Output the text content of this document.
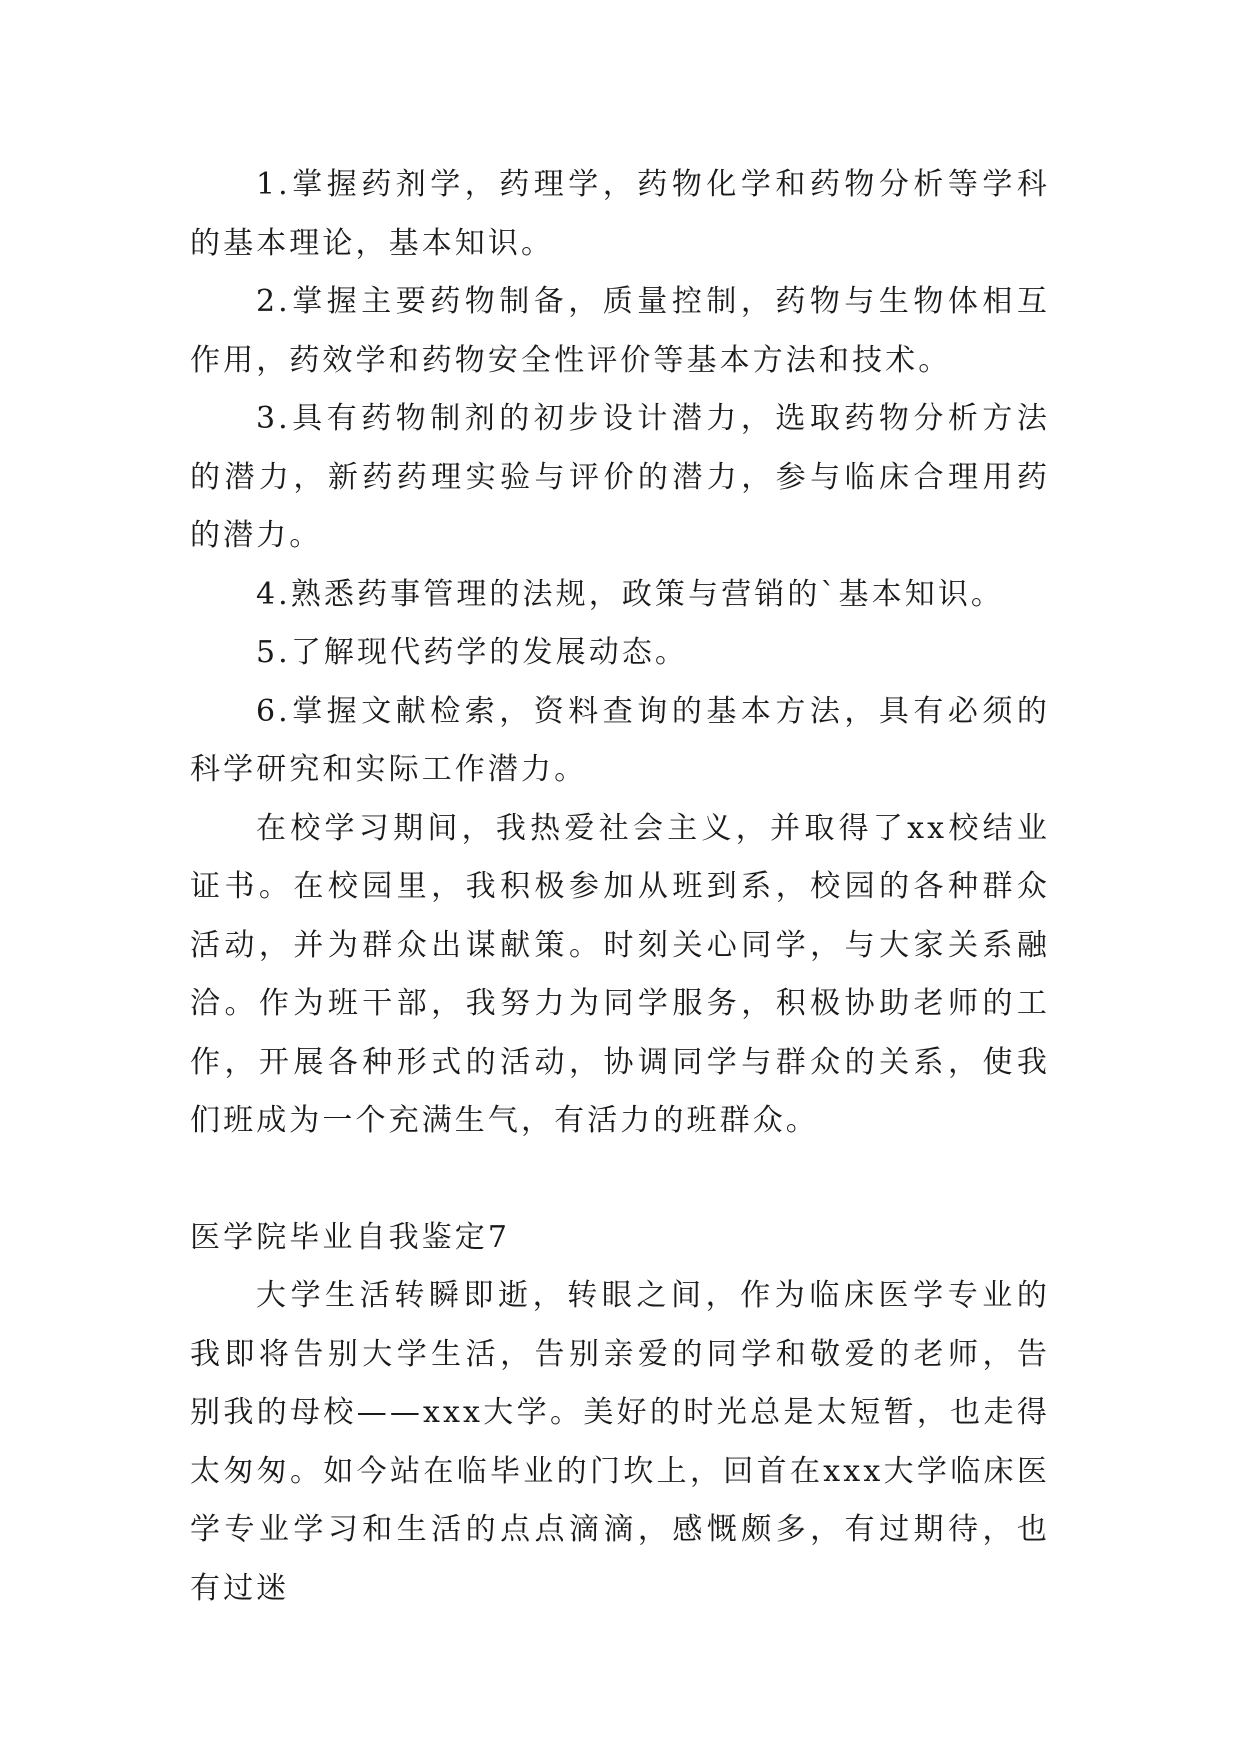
1.掌握药剂学，药理学，药物化学和药物分析等学科的基本理论，基本知识。

2.掌握主要药物制备，质量控制，药物与生物体相互作用，药效学和药物安全性评价等基本方法和技术。

3.具有药物制剂的初步设计潜力，选取药物分析方法的潜力，新药药理实验与评价的潜力，参与临床合理用药的潜力。

4.熟悉药事管理的法规，政策与营销的`基本知识。

5.了解现代药学的发展动态。

6.掌握文献检索，资料查询的基本方法，具有必须的科学研究和实际工作潜力。

在校学习期间，我热爱社会主义，并取得了xx校结业证书。在校园里，我积极参加从班到系，校园的各种群众活动，并为群众出谋献策。时刻关心同学，与大家关系融洽。作为班干部，我努力为同学服务，积极协助老师的工作，开展各种形式的活动，协调同学与群众的关系，使我们班成为一个充满生气，有活力的班群众。

医学院毕业自我鉴定7

大学生活转瞬即逝，转眼之间，作为临床医学专业的我即将告别大学生活，告别亲爱的同学和敬爱的老师，告别我的母校——xxx大学。美好的时光总是太短暂，也走得太匆匆。如今站在临毕业的门坎上，回首在xxx大学临床医学专业学习和生活的点点滴滴，感慨颇多，有过期待，也有过迷
